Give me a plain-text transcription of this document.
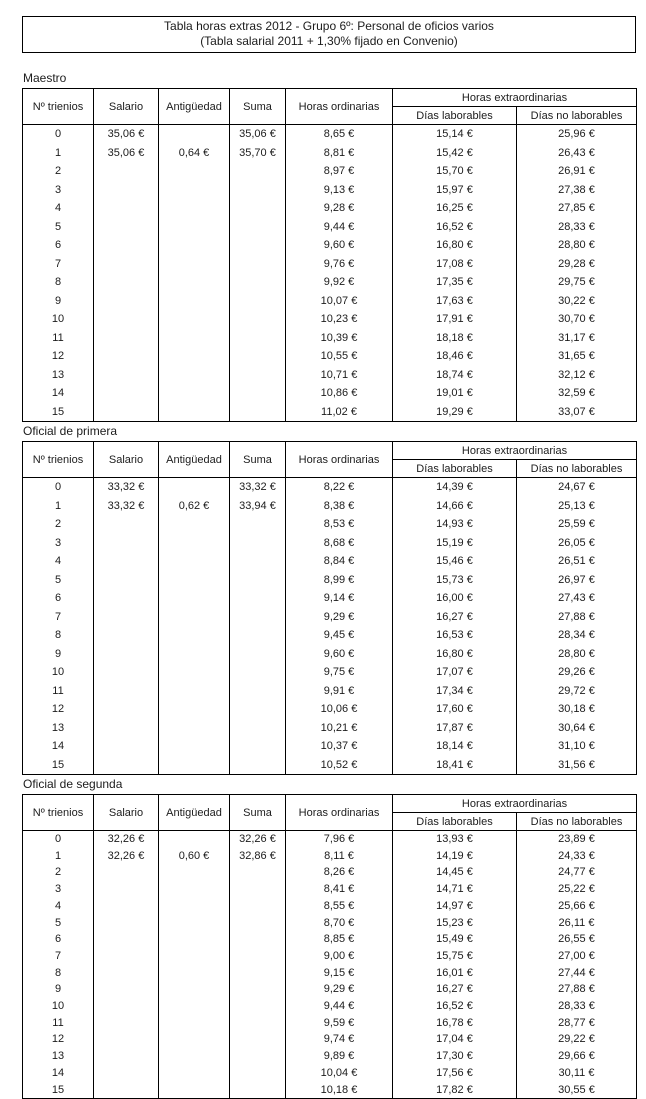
Tabla horas extras 2012 - Grupo 6º: Personal de oficios varios
(Tabla salarial 2011 + 1,30% fijado en Convenio)
Maestro
Nº trienios	Salario	Antigüedad	Suma	Horas ordinarias	Horas extraordinarias	
					Días laborables	Días no laborables
0	35,06 €		35,06 €	8,65 €	15,14 €	25,96 €
1	35,06 €	0,64 €	35,70 €	8,81 €	15,42 €	26,43 €
2				8,97 €	15,70 €	26,91 €
3				9,13 €	15,97 €	27,38 €
4				9,28 €	16,25 €	27,85 €
5				9,44 €	16,52 €	28,33 €
6				9,60 €	16,80 €	28,80 €
7				9,76 €	17,08 €	29,28 €
8				9,92 €	17,35 €	29,75 €
9				10,07 €	17,63 €	30,22 €
10				10,23 €	17,91 €	30,70 €
11				10,39 €	18,18 €	31,17 €
12				10,55 €	18,46 €	31,65 €
13				10,71 €	18,74 €	32,12 €
14				10,86 €	19,01 €	32,59 €
15				11,02 €	19,29 €	33,07 €
Oficial de primera
Nº trienios	Salario	Antigüedad	Suma	Horas ordinarias	Horas extraordinarias	
					Días laborables	Días no laborables
0	33,32 €		33,32 €	8,22 €	14,39 €	24,67 €
1	33,32 €	0,62 €	33,94 €	8,38 €	14,66 €	25,13 €
2				8,53 €	14,93 €	25,59 €
3				8,68 €	15,19 €	26,05 €
4				8,84 €	15,46 €	26,51 €
5				8,99 €	15,73 €	26,97 €
6				9,14 €	16,00 €	27,43 €
7				9,29 €	16,27 €	27,88 €
8				9,45 €	16,53 €	28,34 €
9				9,60 €	16,80 €	28,80 €
10				9,75 €	17,07 €	29,26 €
11				9,91 €	17,34 €	29,72 €
12				10,06 €	17,60 €	30,18 €
13				10,21 €	17,87 €	30,64 €
14				10,37 €	18,14 €	31,10 €
15				10,52 €	18,41 €	31,56 €
Oficial de segunda
Nº trienios	Salario	Antigüedad	Suma	Horas ordinarias	Horas extraordinarias	
					Días laborables	Días no laborables
0	32,26 €		32,26 €	7,96 €	13,93 €	23,89 €
1	32,26 €	0,60 €	32,86 €	8,11 €	14,19 €	24,33 €
2				8,26 €	14,45 €	24,77 €
3				8,41 €	14,71 €	25,22 €
4				8,55 €	14,97 €	25,66 €
5				8,70 €	15,23 €	26,11 €
6				8,85 €	15,49 €	26,55 €
7				9,00 €	15,75 €	27,00 €
8				9,15 €	16,01 €	27,44 €
9				9,29 €	16,27 €	27,88 €
10				9,44 €	16,52 €	28,33 €
11				9,59 €	16,78 €	28,77 €
12				9,74 €	17,04 €	29,22 €
13				9,89 €	17,30 €	29,66 €
14				10,04 €	17,56 €	30,11 €
15				10,18 €	17,82 €	30,55 €
